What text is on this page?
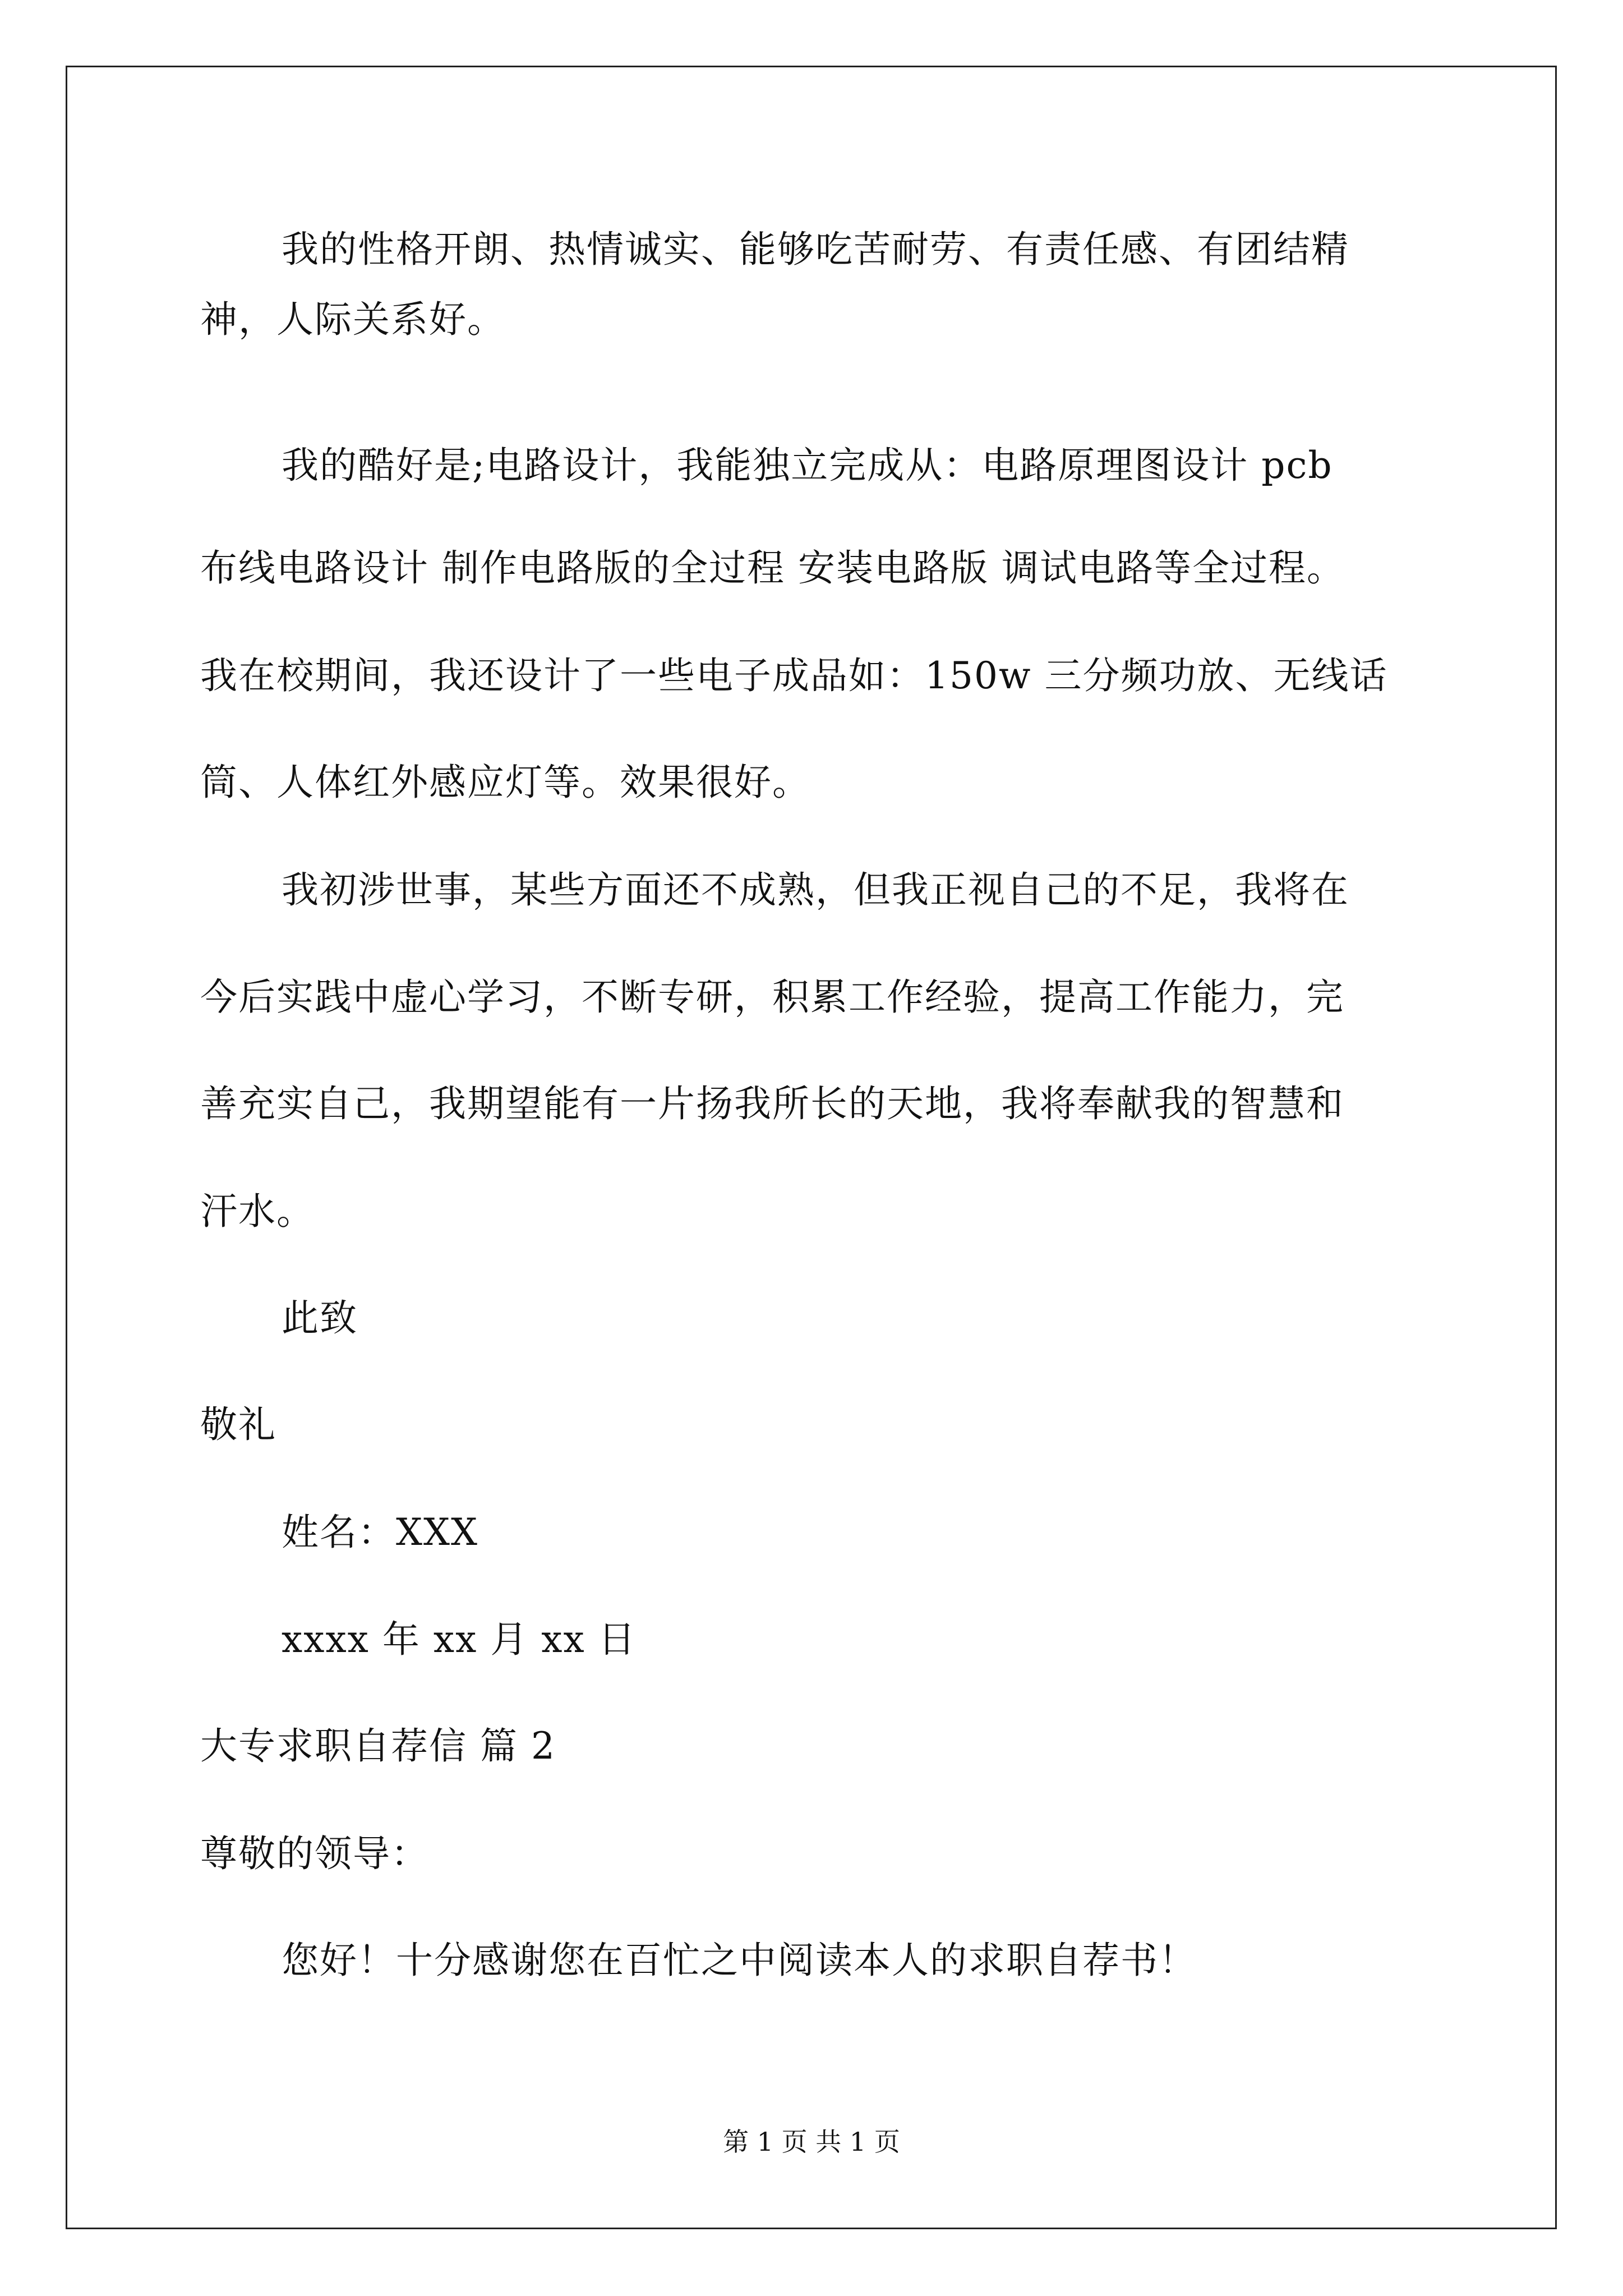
我的性格开朗、热情诚实、能够吃苦耐劳、有责任感、有团结精
神，人际关系好。
我的酷好是;电路设计，我能独立完成从：电路原理图设计 pcb
布线电路设计 制作电路版的全过程 安装电路版 调试电路等全过程。
我在校期间，我还设计了一些电子成品如：150w 三分频功放、无线话
筒、人体红外感应灯等。效果很好。
我初涉世事，某些方面还不成熟，但我正视自己的不足，我将在
今后实践中虚心学习，不断专研，积累工作经验，提高工作能力，完
善充实自己，我期望能有一片扬我所长的天地，我将奉献我的智慧和
汗水。
此致
敬礼
姓名：XXX
xxxx 年 xx 月 xx 日
大专求职自荐信 篇 2
尊敬的领导：
您好！十分感谢您在百忙之中阅读本人的求职自荐书！
第 1 页 共 1 页
